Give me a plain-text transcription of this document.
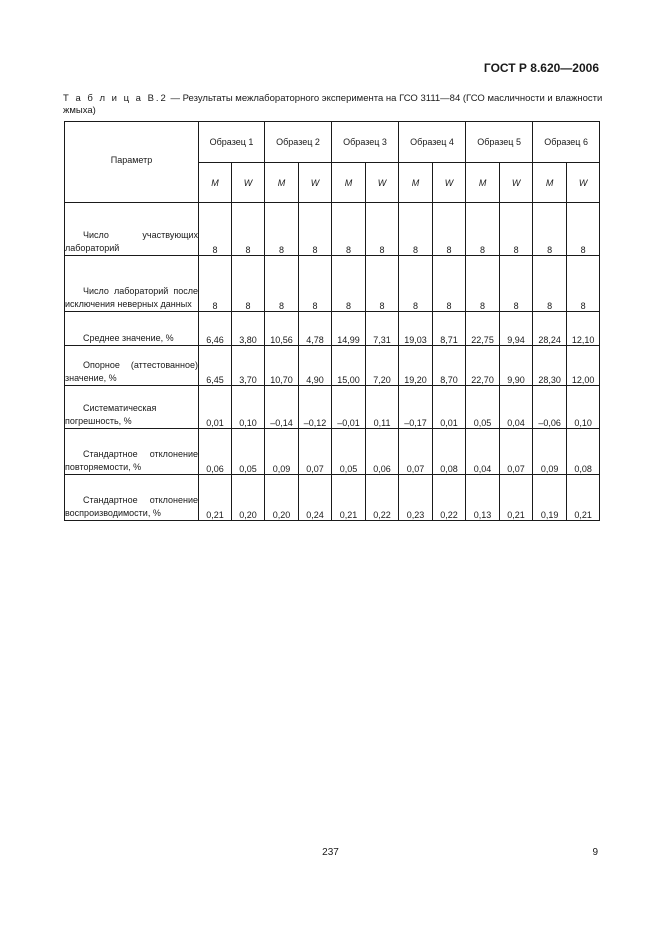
ГОСТ Р 8.620—2006
Т а б л и ц а В.2 — Результаты межлабораторного эксперимента на ГСО 3111—84 (ГСО масличности и влажности жмыха)
Параметр	Образец 1		Образец 2		Образец 3		Образец 4		Образец 5		Образец 6	
	M	W	M	W	M	W	M	W	M	W	M	W

Число участвующих лабораторий	8	8	8	8	8	8	8	8	8	8	8	8

Число лабораторий после исключения неверных данных	8	8	8	8	8	8	8	8	8	8	8	8

Среднее значение, %	6,46	3,80	10,56	4,78	14,99	7,31	19,03	8,71	22,75	9,94	28,24	12,10

Опорное (аттестованное) значение, %	6,45	3,70	10,70	4,90	15,00	7,20	19,20	8,70	22,70	9,90	28,30	12,00

Систематическая погрешность, %	0,01	0,10	–0,14	–0,12	–0,01	0,11	–0,17	0,01	0,05	0,04	–0,06	0,10

Стандартное отклонение повторяемости, %	0,06	0,05	0,09	0,07	0,05	0,06	0,07	0,08	0,04	0,07	0,09	0,08

Стандартное отклонение воспроизводимости, %	0,21	0,20	0,20	0,24	0,21	0,22	0,23	0,22	0,13	0,21	0,19	0,21
237	9
